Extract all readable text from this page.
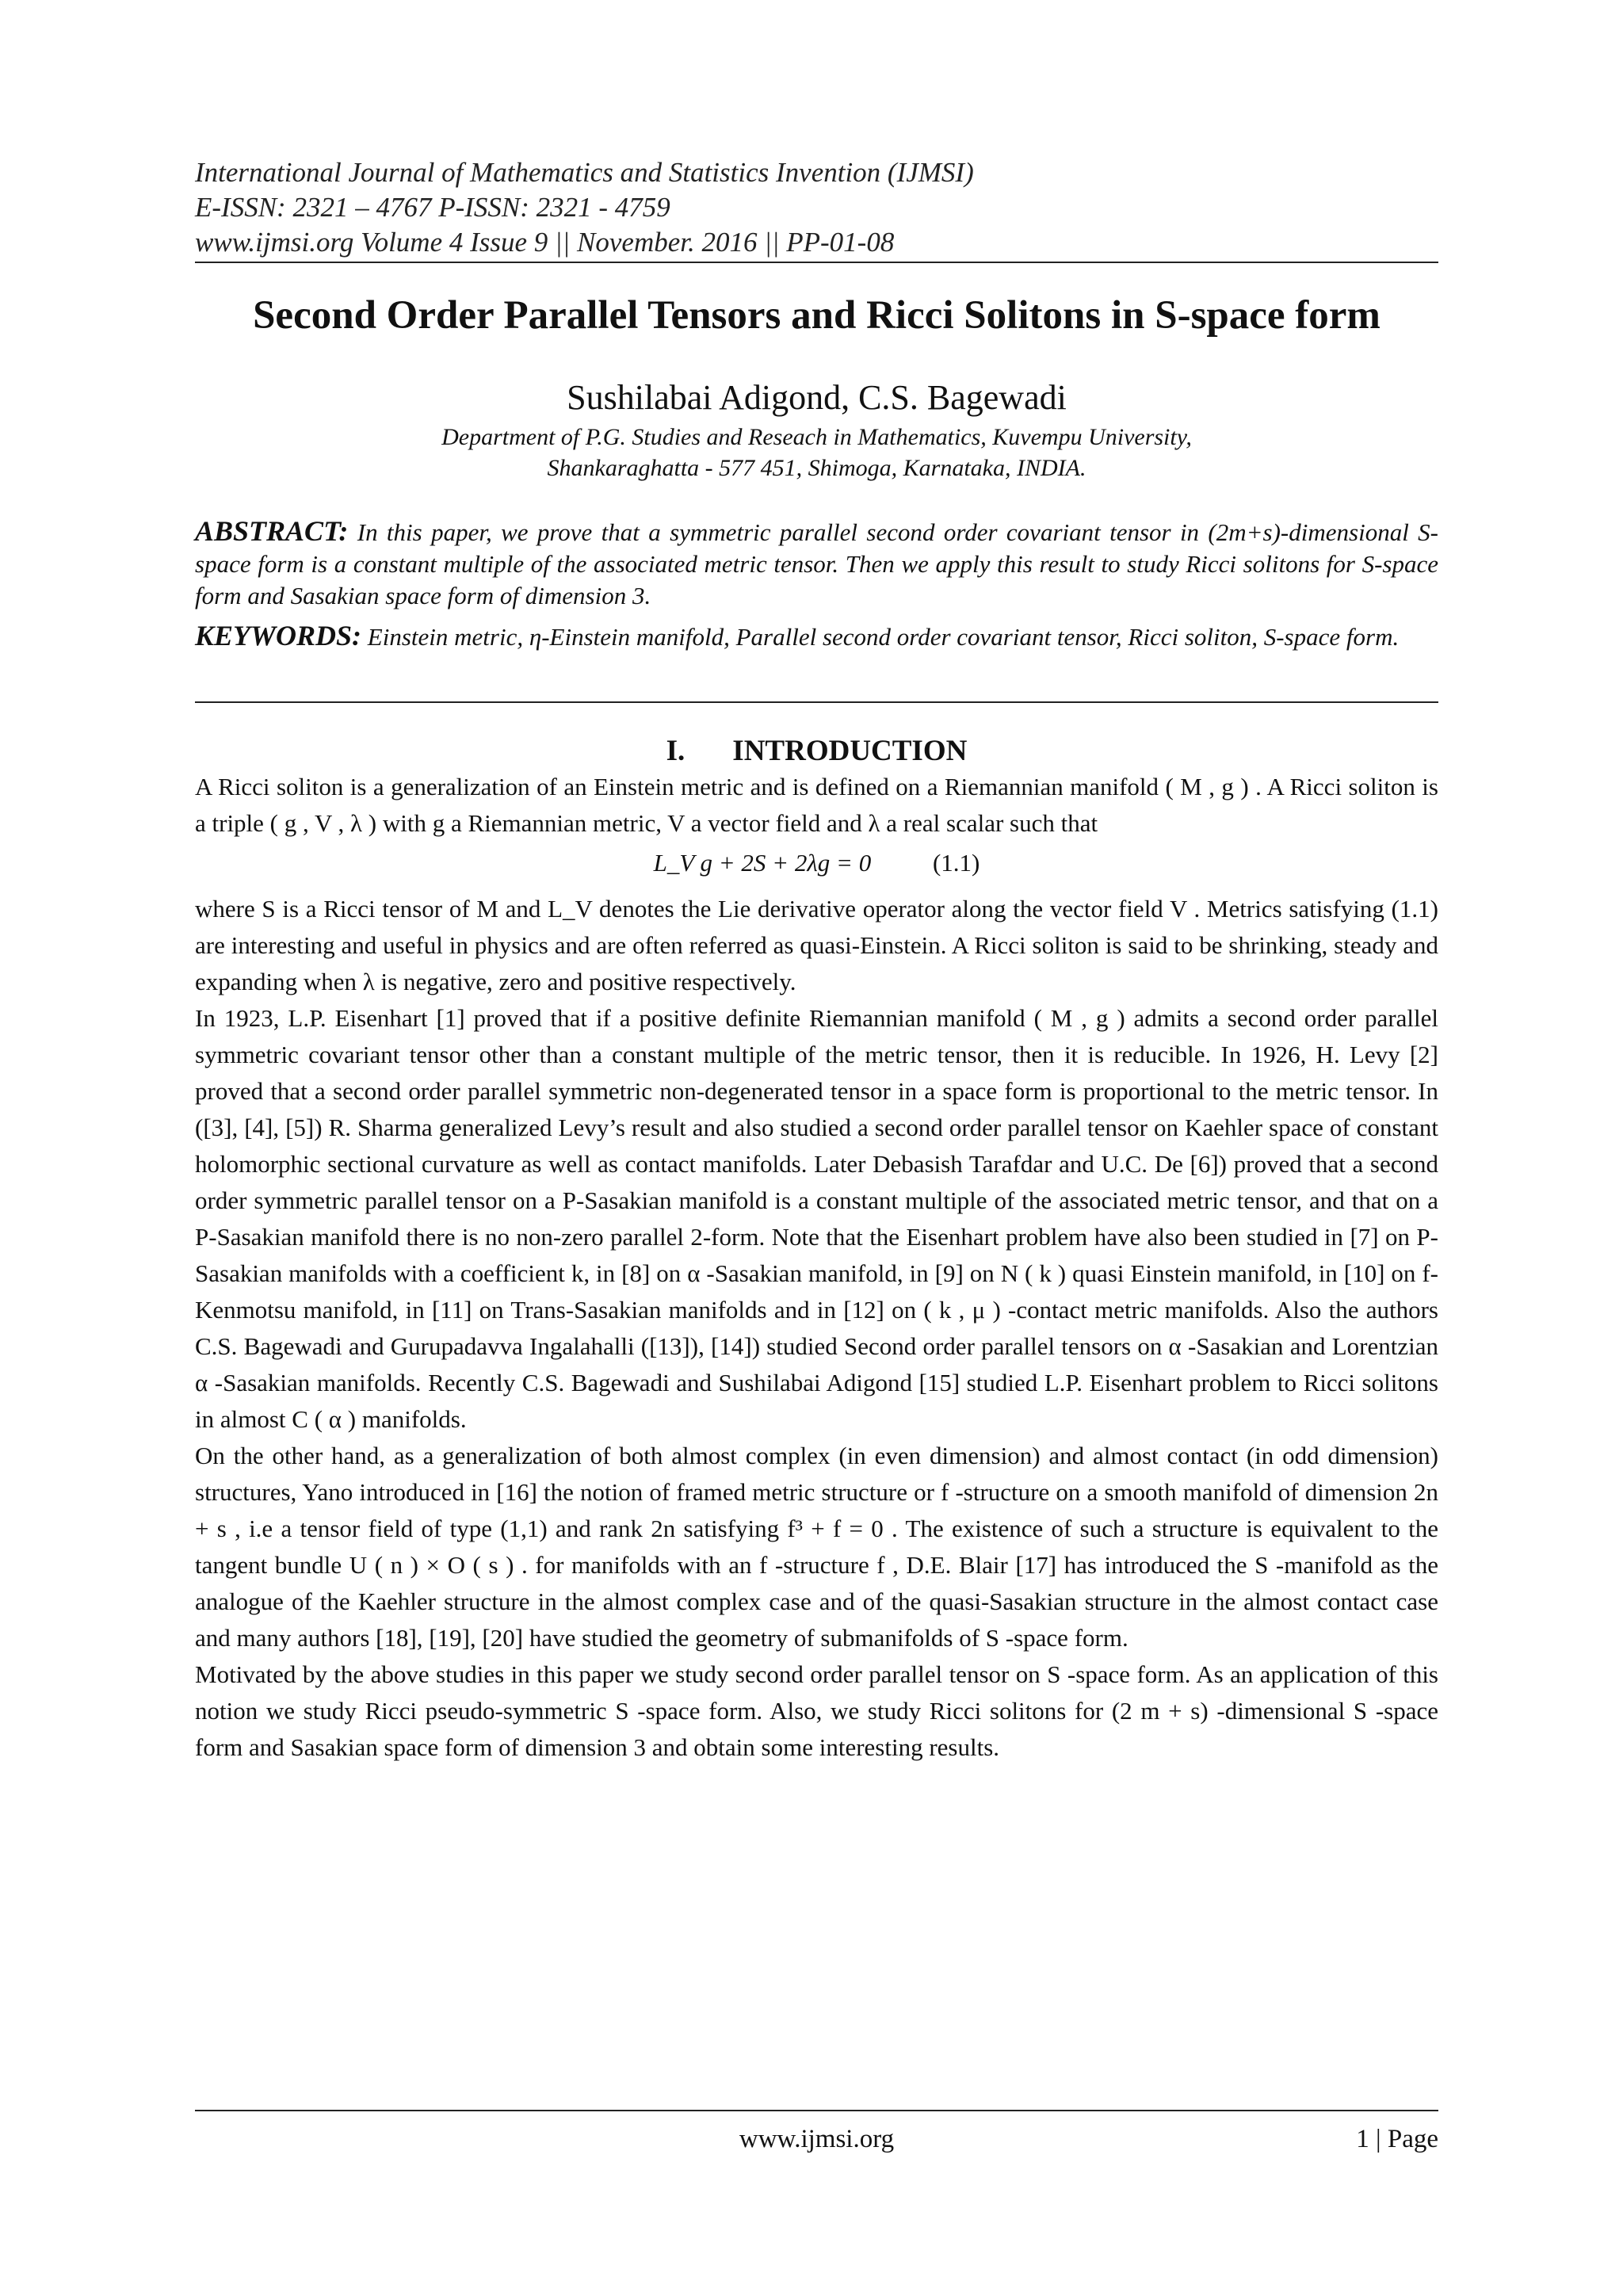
International Journal of Mathematics and Statistics Invention (IJMSI)
E-ISSN: 2321 – 4767 P-ISSN: 2321 - 4759
www.ijmsi.org Volume 4 Issue 9 || November. 2016 || PP-01-08
Second Order Parallel Tensors and Ricci Solitons in S-space form
Sushilabai Adigond, C.S. Bagewadi
Department of P.G. Studies and Reseach in Mathematics, Kuvempu University,
Shankaraghatta - 577 451, Shimoga, Karnataka, INDIA.

ABSTRACT: In this paper, we prove that a symmetric parallel second order covariant tensor in (2m+s)-dimensional S-space form is a constant multiple of the associated metric tensor. Then we apply this result to study Ricci solitons for S-space form and Sasakian space form of dimension 3.

KEYWORDS: Einstein metric, η-Einstein manifold, Parallel second order covariant tensor, Ricci soliton, S-space form.

I. INTRODUCTION

A Ricci soliton is a generalization of an Einstein metric and is defined on a Riemannian manifold ( M , g ) . A Ricci soliton is a triple ( g , V , λ ) with g a Riemannian metric, V a vector field and λ a real scalar such that

L_V g + 2S + 2λg = 0	(1.1)

where S is a Ricci tensor of M and L_V denotes the Lie derivative operator along the vector field V . Metrics satisfying (1.1) are interesting and useful in physics and are often referred as quasi-Einstein. A Ricci soliton is said to be shrinking, steady and expanding when λ is negative, zero and positive respectively.

In 1923, L.P. Eisenhart [1] proved that if a positive definite Riemannian manifold ( M , g ) admits a second order parallel symmetric covariant tensor other than a constant multiple of the metric tensor, then it is reducible. In 1926, H. Levy [2] proved that a second order parallel symmetric non-degenerated tensor in a space form is proportional to the metric tensor. In ([3], [4], [5]) R. Sharma generalized Levy’s result and also studied a second order parallel tensor on Kaehler space of constant holomorphic sectional curvature as well as contact manifolds. Later Debasish Tarafdar and U.C. De [6]) proved that a second order symmetric parallel tensor on a P-Sasakian manifold is a constant multiple of the associated metric tensor, and that on a P-Sasakian manifold there is no non-zero parallel 2-form. Note that the Eisenhart problem have also been studied in [7] on P-Sasakian manifolds with a coefficient k, in [8] on α -Sasakian manifold, in [9] on N ( k ) quasi Einstein manifold, in [10] on f-Kenmotsu manifold, in [11] on Trans-Sasakian manifolds and in [12] on ( k , μ ) -contact metric manifolds. Also the authors C.S. Bagewadi and Gurupadavva Ingalahalli ([13]), [14]) studied Second order parallel tensors on α -Sasakian and Lorentzian α -Sasakian manifolds. Recently C.S. Bagewadi and Sushilabai Adigond [15] studied L.P. Eisenhart problem to Ricci solitons in almost C ( α ) manifolds.

On the other hand, as a generalization of both almost complex (in even dimension) and almost contact (in odd dimension) structures, Yano introduced in [16] the notion of framed metric structure or f -structure on a smooth manifold of dimension 2n + s , i.e a tensor field of type (1,1) and rank 2n satisfying f³ + f = 0 . The existence of such a structure is equivalent to the tangent bundle U ( n ) × O ( s ) . for manifolds with an f -structure f , D.E. Blair [17] has introduced the S -manifold as the analogue of the Kaehler structure in the almost complex case and of the quasi-Sasakian structure in the almost contact case and many authors [18], [19], [20] have studied the geometry of submanifolds of S -space form.

Motivated by the above studies in this paper we study second order parallel tensor on S -space form. As an application of this notion we study Ricci pseudo-symmetric S -space form. Also, we study Ricci solitons for (2 m + s) -dimensional S -space form and Sasakian space form of dimension 3 and obtain some interesting results.

www.ijmsi.org	1 | Page
